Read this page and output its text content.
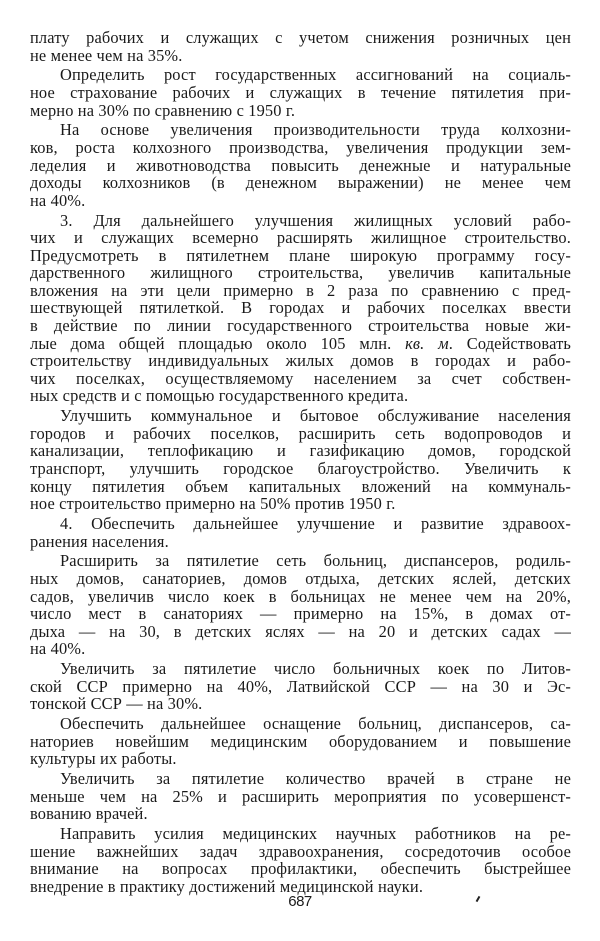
плату рабочих и служащих с учетом снижения розничных цен
не менее чем на 35%.
Определить рост государственных ассигнований на социаль-
ное страхование рабочих и служащих в течение пятилетия при-
мерно на 30% по сравнению с 1950 г.
На основе увеличения производительности труда колхозни-
ков, роста колхозного производства, увеличения продукции зем-
леделия и животноводства повысить денежные и натуральные
доходы колхозников (в денежном выражении) не менее чем
на 40%.
3. Для дальнейшего улучшения жилищных условий рабо-
чих и служащих всемерно расширять жилищное строительство.
Предусмотреть в пятилетнем плане широкую программу госу-
дарственного жилищного строительства, увеличив капитальные
вложения на эти цели примерно в 2 раза по сравнению с пред-
шествующей пятилеткой. В городах и рабочих поселках ввести
в действие по линии государственного строительства новые жи-
лые дома общей площадью около 105 млн. кв. м. Содействовать
строительству индивидуальных жилых домов в городах и рабо-
чих поселках, осуществляемому населением за счет собствен-
ных средств и с помощью государственного кредита.
Улучшить коммунальное и бытовое обслуживание населения
городов и рабочих поселков, расширить сеть водопроводов и
канализации, теплофикацию и газификацию домов, городской
транспорт, улучшить городское благоустройство. Увеличить к
концу пятилетия объем капитальных вложений на коммуналь-
ное строительство примерно на 50% против 1950 г.
4. Обеспечить дальнейшее улучшение и развитие здравоох-
ранения населения.
Расширить за пятилетие сеть больниц, диспансеров, родиль-
ных домов, санаториев, домов отдыха, детских яслей, детских
садов, увеличив число коек в больницах не менее чем на 20%,
число мест в санаториях — примерно на 15%, в домах от-
дыха — на 30, в детских яслях — на 20 и детских садах —
на 40%.
Увеличить за пятилетие число больничных коек по Литов-
ской ССР примерно на 40%, Латвийской ССР — на 30 и Эс-
тонской ССР — на 30%.
Обеспечить дальнейшее оснащение больниц, диспансеров, са-
наториев новейшим медицинским оборудованием и повышение
культуры их работы.
Увеличить за пятилетие количество врачей в стране не
меньше чем на 25% и расширить мероприятия по усовершенст-
вованию врачей.
Направить усилия медицинских научных работников на ре-
шение важнейших задач здравоохранения, сосредоточив особое
внимание на вопросах профилактики, обеспечить быстрейшее
внедрение в практику достижений медицинской науки.
687
